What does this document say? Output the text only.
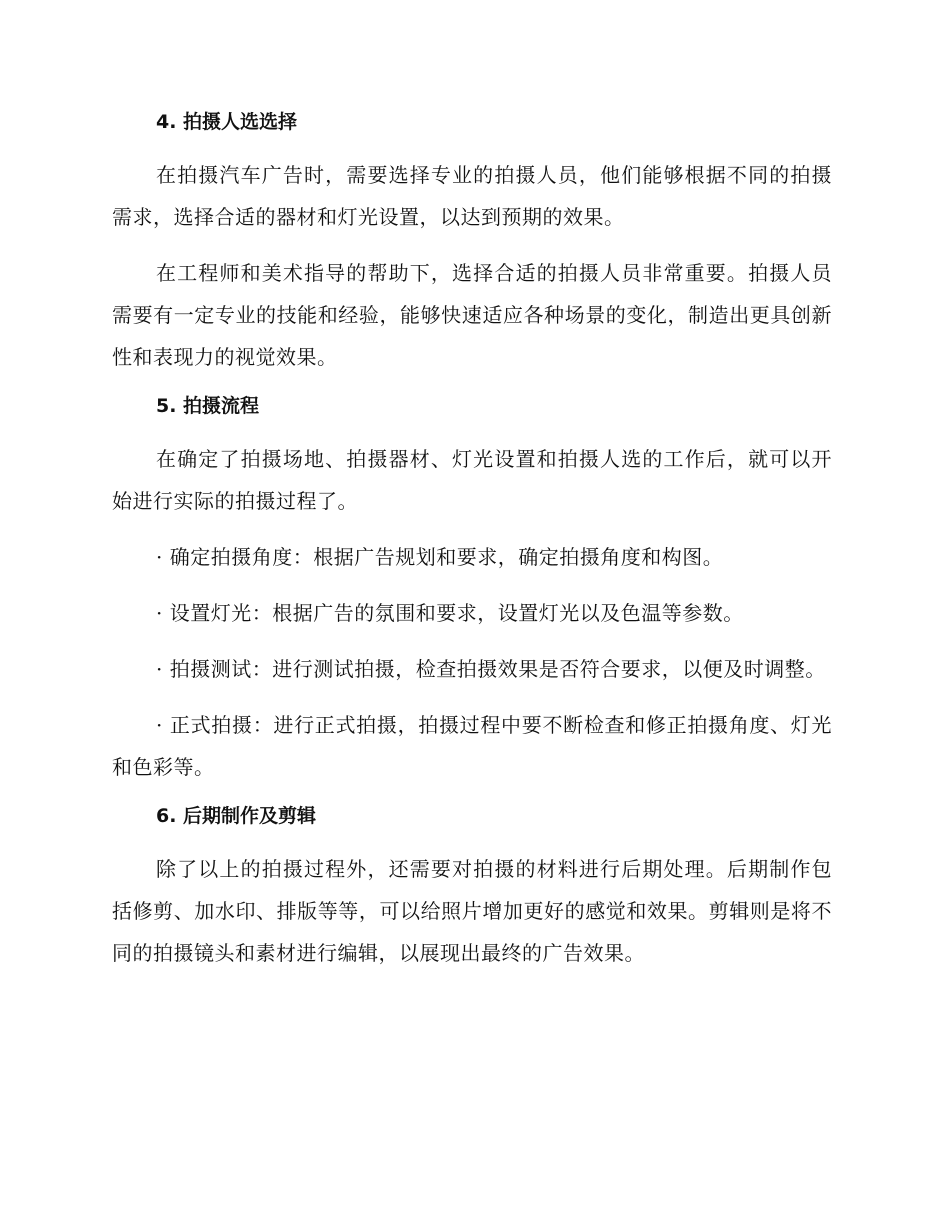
4. 拍摄人选选择

在拍摄汽车广告时，需要选择专业的拍摄人员，他们能够根据不同的拍摄需求，选择合适的器材和灯光设置，以达到预期的效果。

在工程师和美术指导的帮助下，选择合适的拍摄人员非常重要。拍摄人员需要有一定专业的技能和经验，能够快速适应各种场景的变化，制造出更具创新性和表现力的视觉效果。

5. 拍摄流程

在确定了拍摄场地、拍摄器材、灯光设置和拍摄人选的工作后，就可以开始进行实际的拍摄过程了。

· 确定拍摄角度：根据广告规划和要求，确定拍摄角度和构图。

· 设置灯光：根据广告的氛围和要求，设置灯光以及色温等参数。

· 拍摄测试：进行测试拍摄，检查拍摄效果是否符合要求，以便及时调整。

· 正式拍摄：进行正式拍摄，拍摄过程中要不断检查和修正拍摄角度、灯光和色彩等。

6. 后期制作及剪辑

除了以上的拍摄过程外，还需要对拍摄的材料进行后期处理。后期制作包括修剪、加水印、排版等等，可以给照片增加更好的感觉和效果。剪辑则是将不同的拍摄镜头和素材进行编辑，以展现出最终的广告效果。
